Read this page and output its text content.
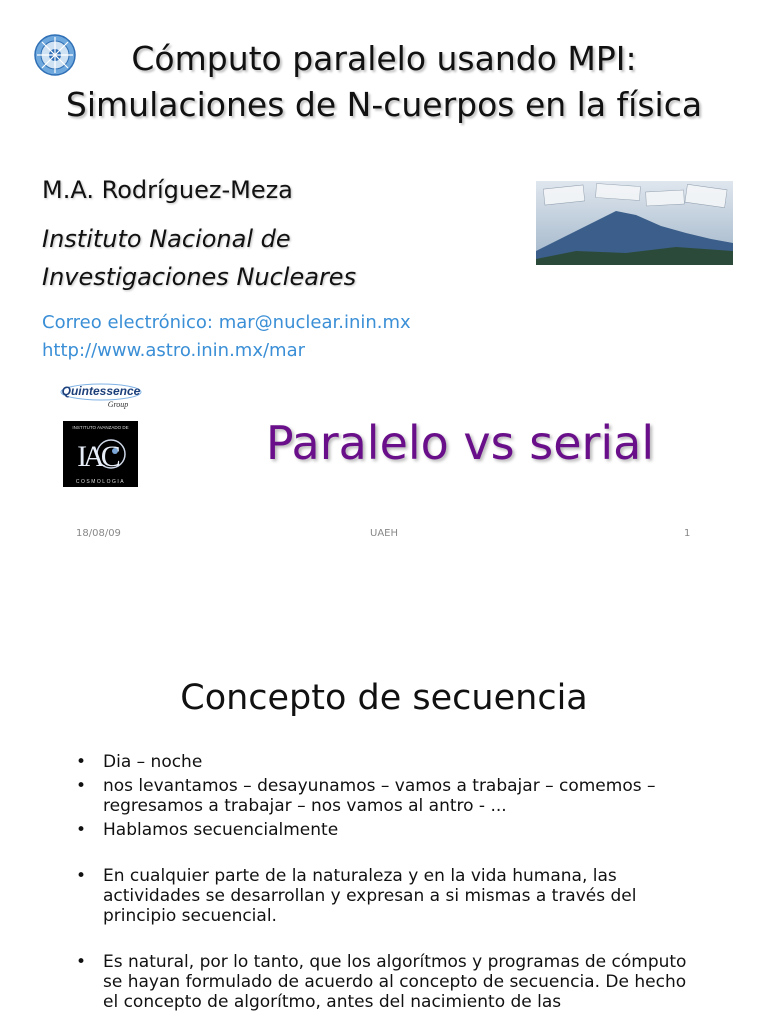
Cómputo paralelo usando MPI: Simulaciones de N-cuerpos en la física
M.A. Rodríguez-Meza
Instituto Nacional de
Investigaciones Nucleares
Correo electrónico: mar@nuclear.inin.mx
http://www.astro.inin.mx/mar
Quintessence
Group
INSTITUTO AVANZADO DE
IAC
COSMOLOGIA
Paralelo vs serial
18/08/09	UAEH	1
Concepto de secuencia
• Dia – noche
• nos levantamos – desayunamos – vamos a trabajar – comemos – regresamos a trabajar – nos vamos al antro - ...
• Hablamos secuencialmente
• En cualquier parte de la naturaleza y en la vida humana, las actividades se desarrollan y expresan a si mismas a través del principio secuencial.
• Es natural, por lo tanto, que los algorítmos y programas de cómputo se hayan formulado de acuerdo al concepto de secuencia. De hecho el concepto de algorítmo, antes del nacimiento de las
